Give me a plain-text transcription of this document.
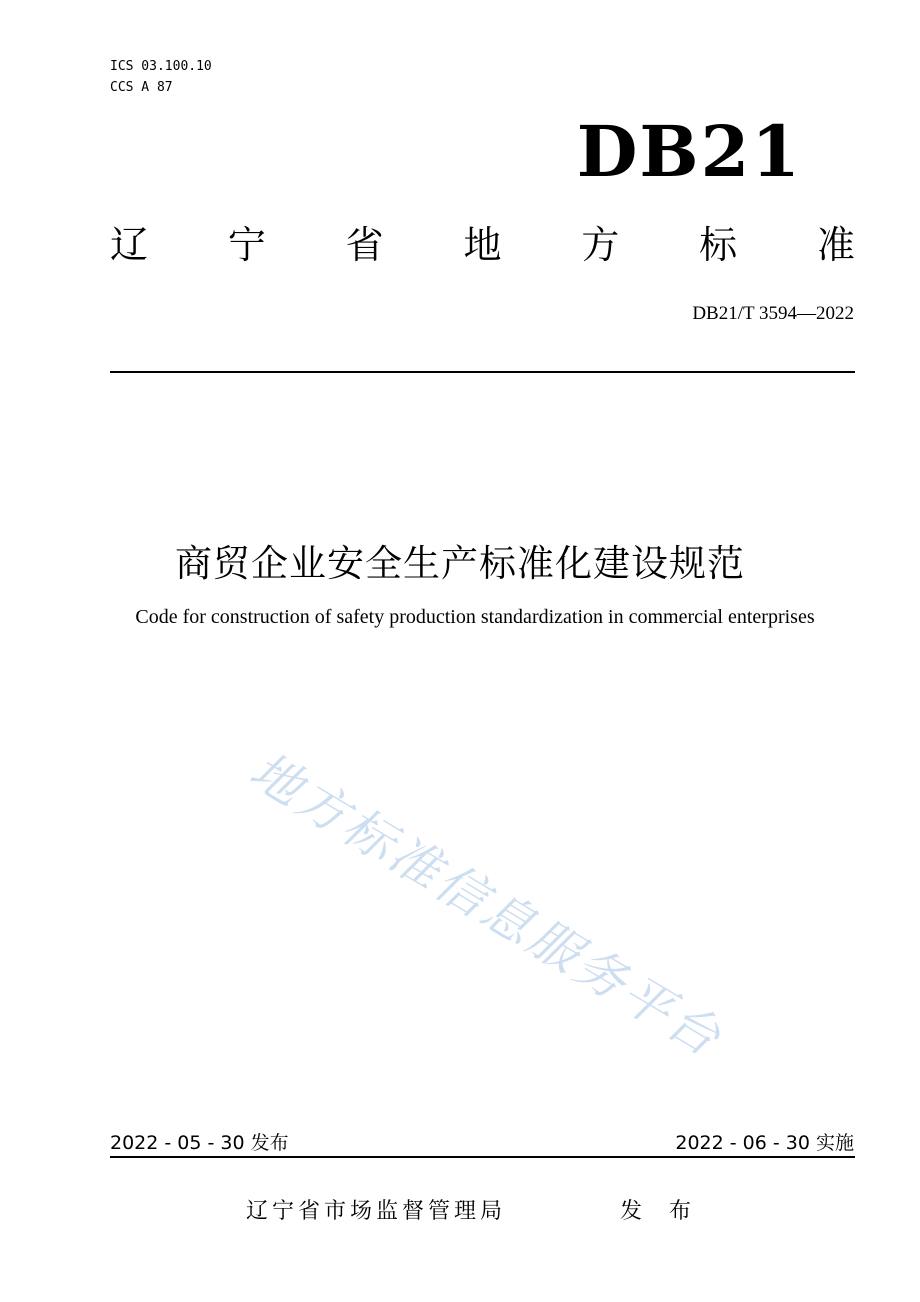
ICS 03.100.10
CCS A 87
DB21
辽 宁 省 地 方 标 准
DB21/T 3594—2022
商贸企业安全生产标准化建设规范
Code for construction of safety production standardization in commercial enterprises
地方标准信息服务平台
2022 - 05 - 30 发布	2022 - 06 - 30 实施
辽宁省市场监督管理局	发 布
